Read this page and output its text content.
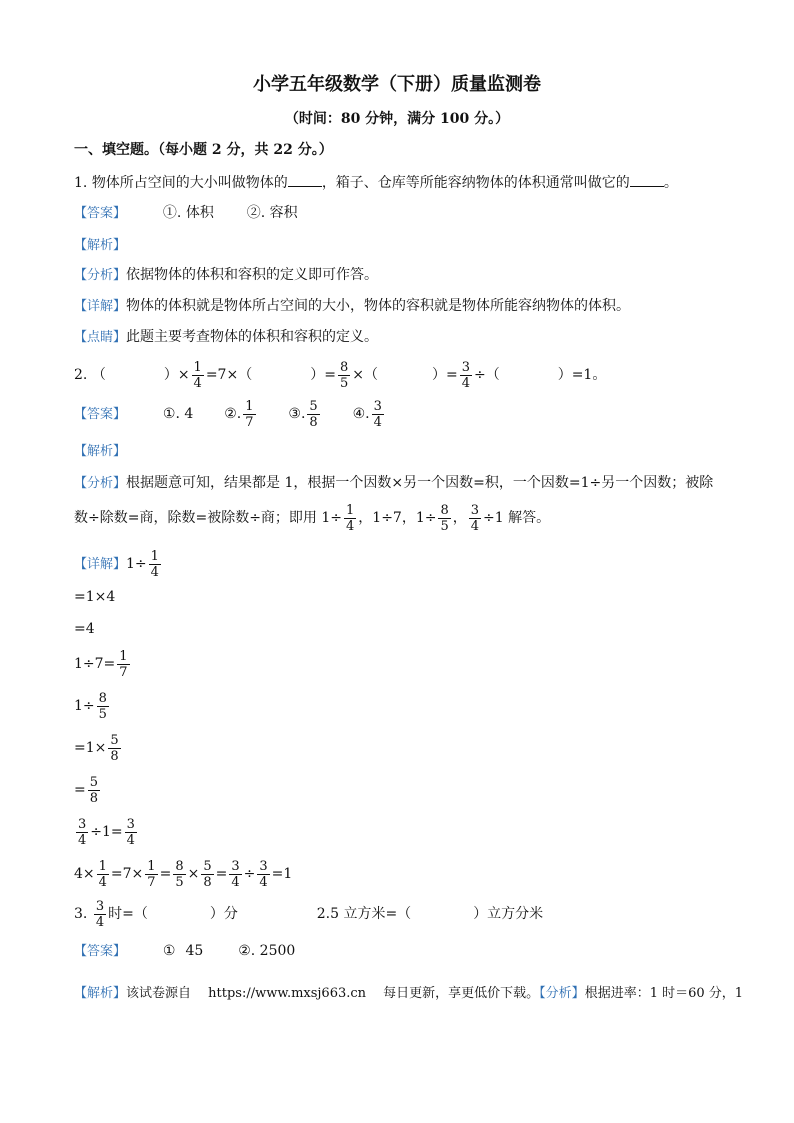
小学五年级数学（下册）质量监测卷
（时间：80 分钟，满分 100 分。）
一、填空题。（每小题 2 分，共 22 分。）
1. 物体所占空间的大小叫做物体的 ，箱子、仓库等所能容纳物体的体积通常叫做它的 。
【答案】	①. 体积 ②. 容积
【解析】
【分析】依据物体的体积和容积的定义即可作答。
【详解】物体的体积就是物体所占空间的大小，物体的容积就是物体所能容纳物体的体积。
【点睛】此题主要考查物体的体积和容积的定义。
2. （	）× $\frac{1}{4} =7\times$（	）= $\frac{8}{5}$ ×（	）= $\frac{3}{4}$ ÷（	）=1。
【答案】	①. 4 ②. $\frac{1}{7}$ ③. $\frac{5}{8}$ ④. $\frac{3}{4}$
【解析】
【分析】根据题意可知，结果都是 1，根据一个因数×另一个因数=积，一个因数=1÷另一个因数；被除
数÷除数=商，除数=被除数÷商；即用 $1\div \frac{1}{4}$ ，1÷7，$1\div \frac{8}{5}$ ， $\frac{3}{4} \div 1$ 解答。
【详解】$1\div \frac{1}{4}$
=1×4
=4
$1\div 7= \frac{1}{7}$
$1\div \frac{8}{5}$
$=1\times \frac{5}{8}$
= $\frac{5}{8}$
$\frac{3}{4} \div 1= \frac{3}{4}$
$4\times \frac{1}{4} =7\times \frac{1}{7} = \frac{8}{5} \times \frac{5}{8} = \frac{3}{4} \div \frac{3}{4} =1$
3. $\frac{3}{4}$ 时=（	）分	2.5 立方米=（	）立方分米
【答案】	① 45 ②. 2500
【解析】该试卷源自　 https://www.mxsj663.cn　 每日更新，享更低价下载。【分析】根据进率：1 时＝60 分，1
